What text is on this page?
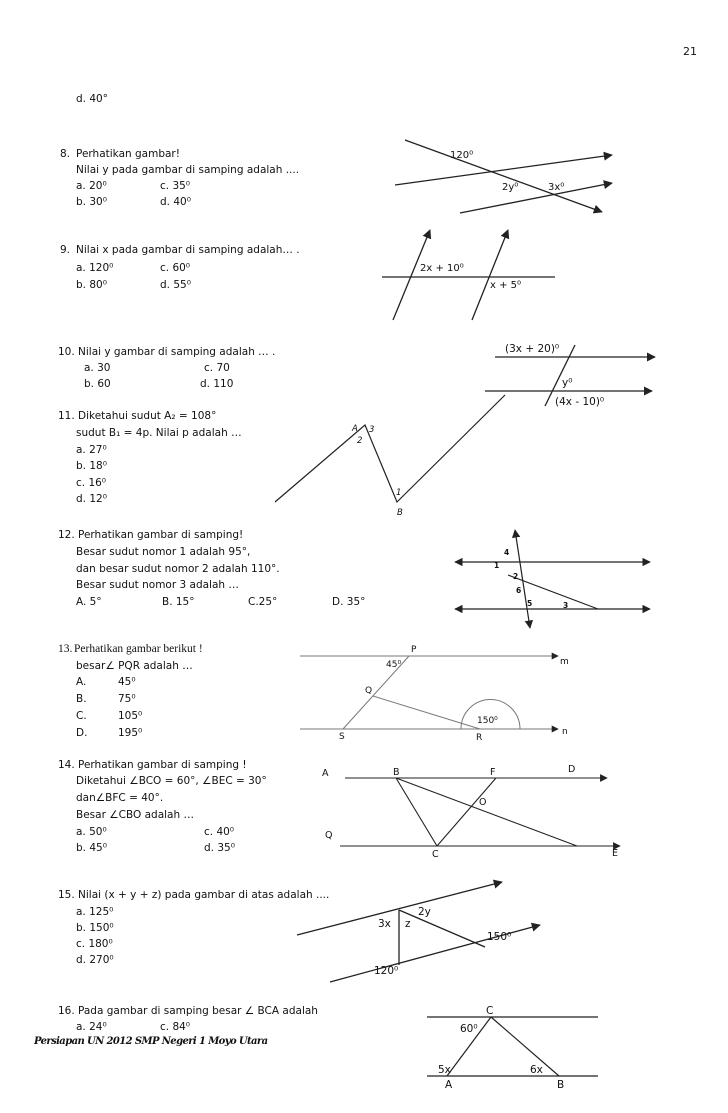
21
d. 40°
8. Perhatikan gambar!
Nilai y pada gambar di samping adalah ....
a. 20⁰	c. 35⁰
b. 30⁰	d. 40⁰
9. Nilai x pada gambar di samping adalah… .
a. 120⁰	c. 60⁰
b. 80⁰	d. 55⁰
10. Nilai y gambar di samping adalah … .
a. 30	c. 70
b. 60	d. 110
11. Diketahui sudut A₂ = 108°
sudut B₁ = 4p. Nilai p adalah …
a. 27⁰
b. 18⁰
c. 16⁰
d. 12⁰
12. Perhatikan gambar di samping!
Besar sudut nomor 1 adalah 95°,
dan besar sudut nomor 2 adalah 110°.
Besar sudut nomor 3 adalah …
A. 5°	B. 15°	C.25°	D. 35°
13. Perhatikan gambar berikut !
besar∠ PQR adalah …
A.	45⁰
B.	75⁰
C.	105⁰
D.	195⁰
14. Perhatikan gambar di samping !
Diketahui ∠BCO = 60°, ∠BEC = 30°
dan∠BFC = 40°.
Besar ∠CBO adalah …
a. 50⁰	c. 40⁰
b. 45⁰	d. 35⁰
15. Nilai (x + y + z) pada gambar di atas adalah ....
a. 125⁰
b. 150⁰
c. 180⁰
d. 270⁰
16. Pada gambar di samping besar ∠ BCA adalah
a. 24⁰	c. 84⁰
Persiapan UN 2012 SMP Negeri 1 Moyo Utara
120⁰
2y⁰	3x⁰
2x + 10⁰
x + 5⁰
(3x + 20)⁰
y⁰
(4x - 10)⁰
A 3
2
1
B
4
1
2
6
5	3
P
m
45⁰
Q
150⁰
S	R
n
A	B	F	D
O
Q
C	E
2y
3x z
150⁰
120⁰
C
60⁰
5x	6x
A	B
